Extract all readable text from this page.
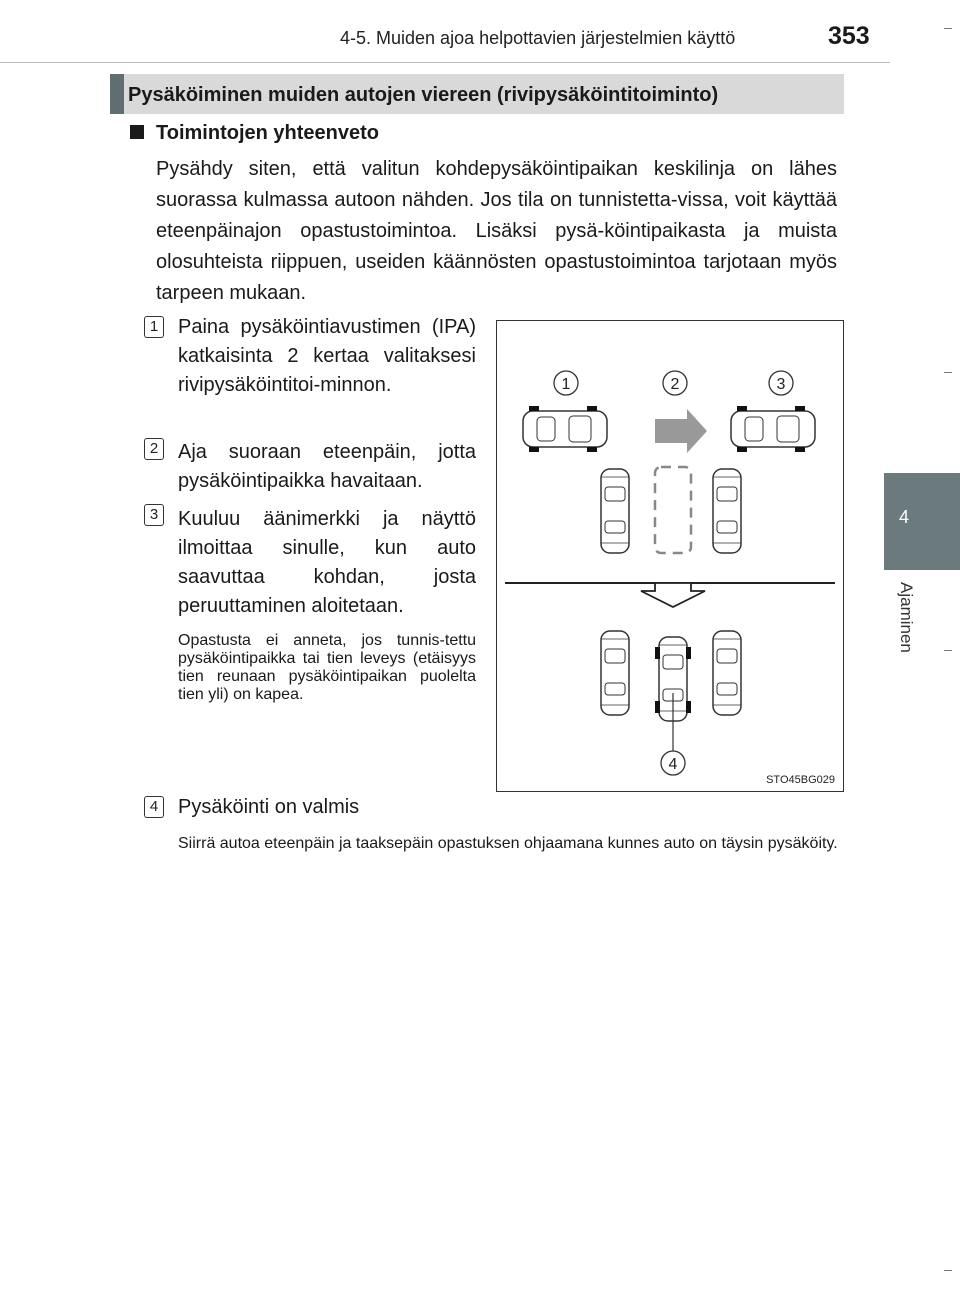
4-5. Muiden ajoa helpottavien järjestelmien käyttö	353
4
Ajaminen
Pysäköiminen muiden autojen viereen (rivipysäköintitoiminto)
Toimintojen yhteenveto
Pysähdy siten, että valitun kohdepysäköintipaikan keskilinja on lähes suorassa kulmassa autoon nähden. Jos tila on tunnistetta-vissa, voit käyttää eteenpäinajon opastustoimintoa. Lisäksi pysä-köintipaikasta ja muista olosuhteista riippuen, useiden käännösten opastustoimintoa tarjotaan myös tarpeen mukaan.
1 Paina pysäköintiavustimen (IPA) katkaisinta 2 kertaa valitaksesi rivipysäköintitoi-minnon.
2 Aja suoraan eteenpäin, jotta pysäköintipaikka havaitaan.
3 Kuuluu äänimerkki ja näyttö ilmoittaa sinulle, kun auto saavuttaa kohdan, josta peruuttaminen aloitetaan.
Opastusta ei anneta, jos tunnis-tettu pysäköintipaikka tai tien leveys (etäisyys tien reunaan pysäköintipaikan puolelta tien yli) on kapea.
4 Pysäköinti on valmis
Siirrä autoa eteenpäin ja taaksepäin opastuksen ohjaamana kunnes auto on täysin pysäköity.
1	2	3
4
STO45BG029
